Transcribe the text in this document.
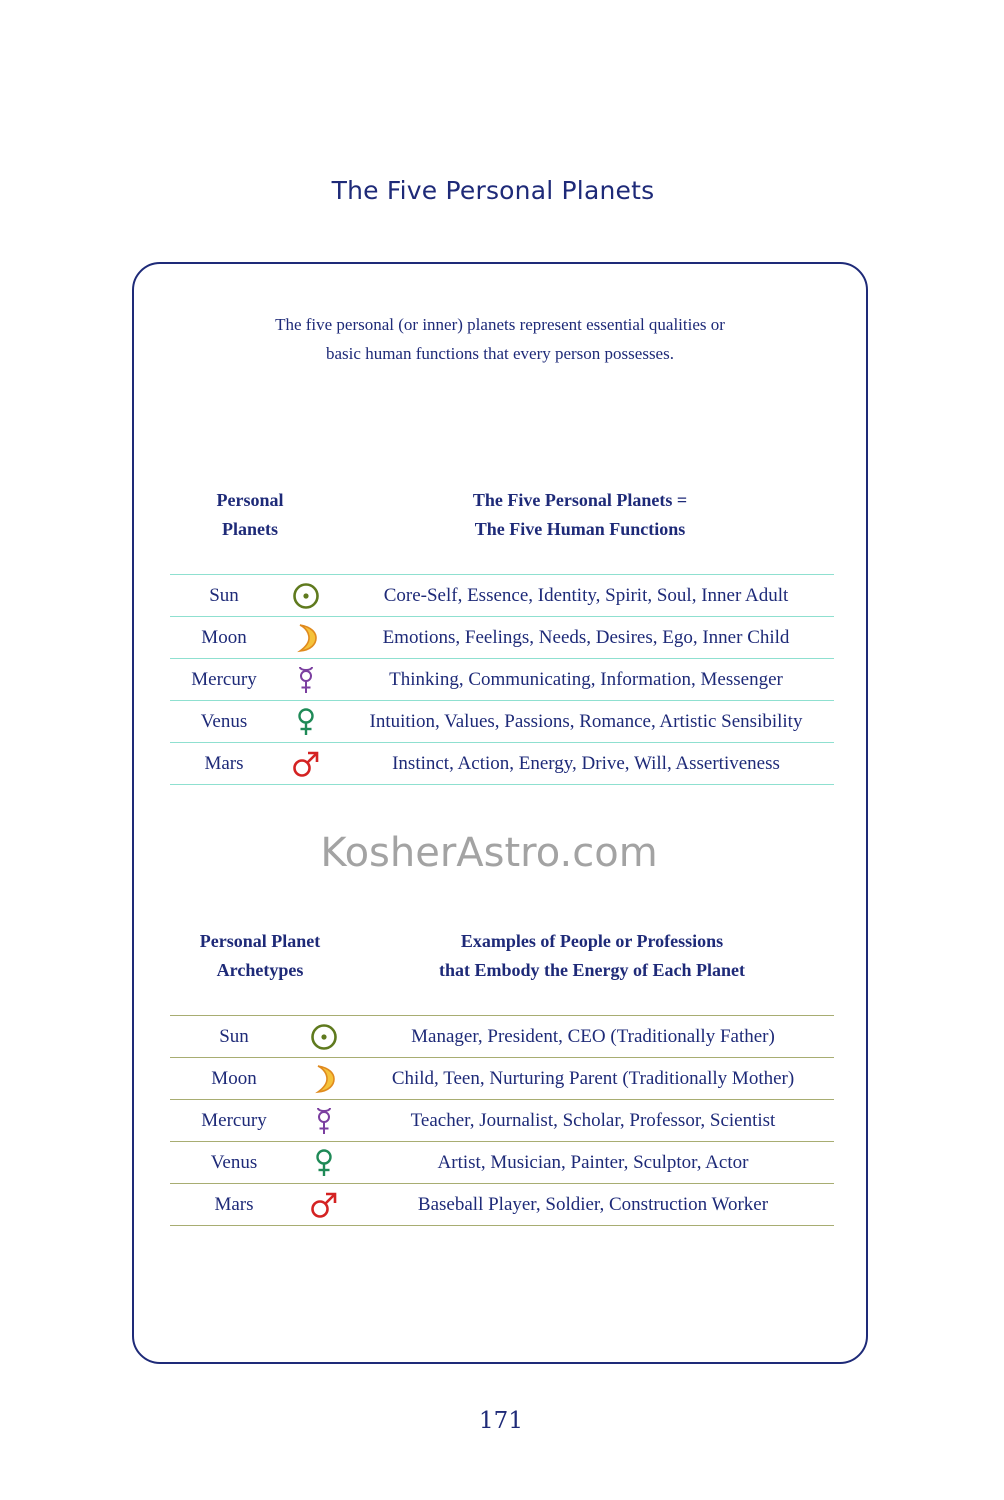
The Five Personal Planets
The five personal (or inner) planets represent essential qualities or
basic human functions that every person possesses.
Personal
Planets
The Five Personal Planets =
The Five Human Functions
Sun	Core-Self, Essence, Identity, Spirit, Soul, Inner Adult
Moon	Emotions, Feelings, Needs, Desires, Ego, Inner Child
Mercury	Thinking, Communicating, Information, Messenger
Venus	Intuition, Values, Passions, Romance, Artistic Sensibility
Mars	Instinct, Action, Energy, Drive, Will, Assertiveness
KosherAstro.com
Personal Planet
Archetypes
Examples of People or Professions
that Embody the Energy of Each Planet
Sun	Manager, President, CEO (Traditionally Father)
Moon	Child, Teen, Nurturing Parent (Traditionally Mother)
Mercury	Teacher, Journalist, Scholar, Professor, Scientist
Venus	Artist, Musician, Painter, Sculptor, Actor
Mars	Baseball Player, Soldier, Construction Worker
171
